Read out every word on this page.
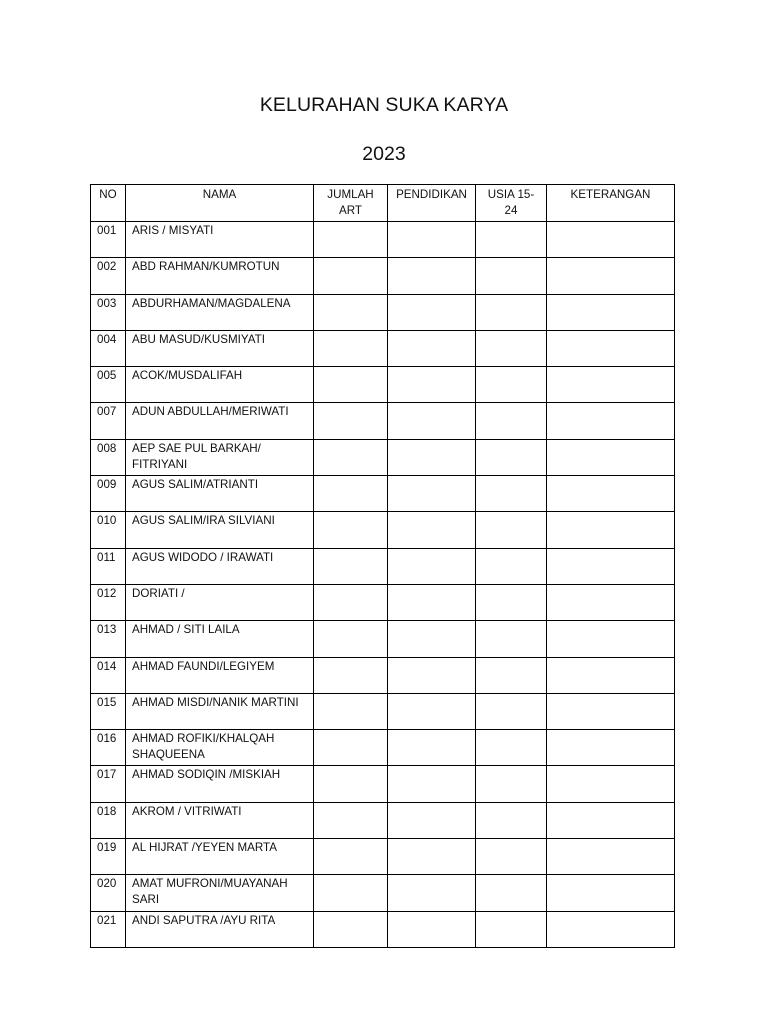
KELURAHAN SUKA KARYA
2023
NO	NAMA	JUMLAH ART	PENDIDIKAN	USIA 15-24	KETERANGAN
001	ARIS / MISYATI				
002	ABD RAHMAN/KUMROTUN				
003	ABDURHAMAN/MAGDALENA				
004	ABU MASUD/KUSMIYATI				
005	ACOK/MUSDALIFAH				
007	ADUN ABDULLAH/MERIWATI				
008	AEP SAE PUL BARKAH/ FITRIYANI				
009	AGUS SALIM/ATRIANTI				
010	AGUS SALIM/IRA SILVIANI				
011	AGUS WIDODO / IRAWATI				
012	DORIATI /				
013	AHMAD / SITI LAILA				
014	AHMAD FAUNDI/LEGIYEM				
015	AHMAD MISDI/NANIK MARTINI				
016	AHMAD ROFIKI/KHALQAH SHAQUEENA				
017	AHMAD SODIQIN /MISKIAH				
018	AKROM / VITRIWATI				
019	AL HIJRAT /YEYEN MARTA				
020	AMAT MUFRONI/MUAYANAH SARI				
021	ANDI SAPUTRA /AYU RITA				
